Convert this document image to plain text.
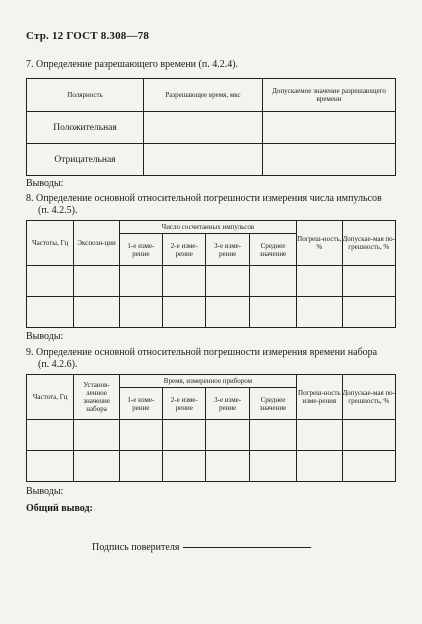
Стр. 12 ГОСТ 8.308—78
7. Определение разрешающего времени (п. 4.2.4).
Полярность	Разрешающее время, мкс	Допускаемое значение разрешающего времени
Положительная		
Отрицательная		
Выводы:
8. Определение основной относительной погрешности измерения числа импульсов
(п. 4.2.5).
Частоты, Гц	Экспози-ции	Число сосчитанных импульсов				Погреш-ность, %	Допускае-мая по-грешность, %
		1-е изме-рение	2-е изме-рение	3-е изме-рение	Среднее значение		

Выводы:
9. Определение основной относительной погрешности измерения времени набора
(п. 4.2.6).
Частота, Гц	Установ-ленное значение набора	Время, измеренное прибором				Погреш-ность изме-рения	Допускае-мая по-грешность, %
		1-е изме-рение	2-е изме-рение	3-е изме-рение	Среднее значение		

Выводы:
Общий вывод:
Подпись поверителя
